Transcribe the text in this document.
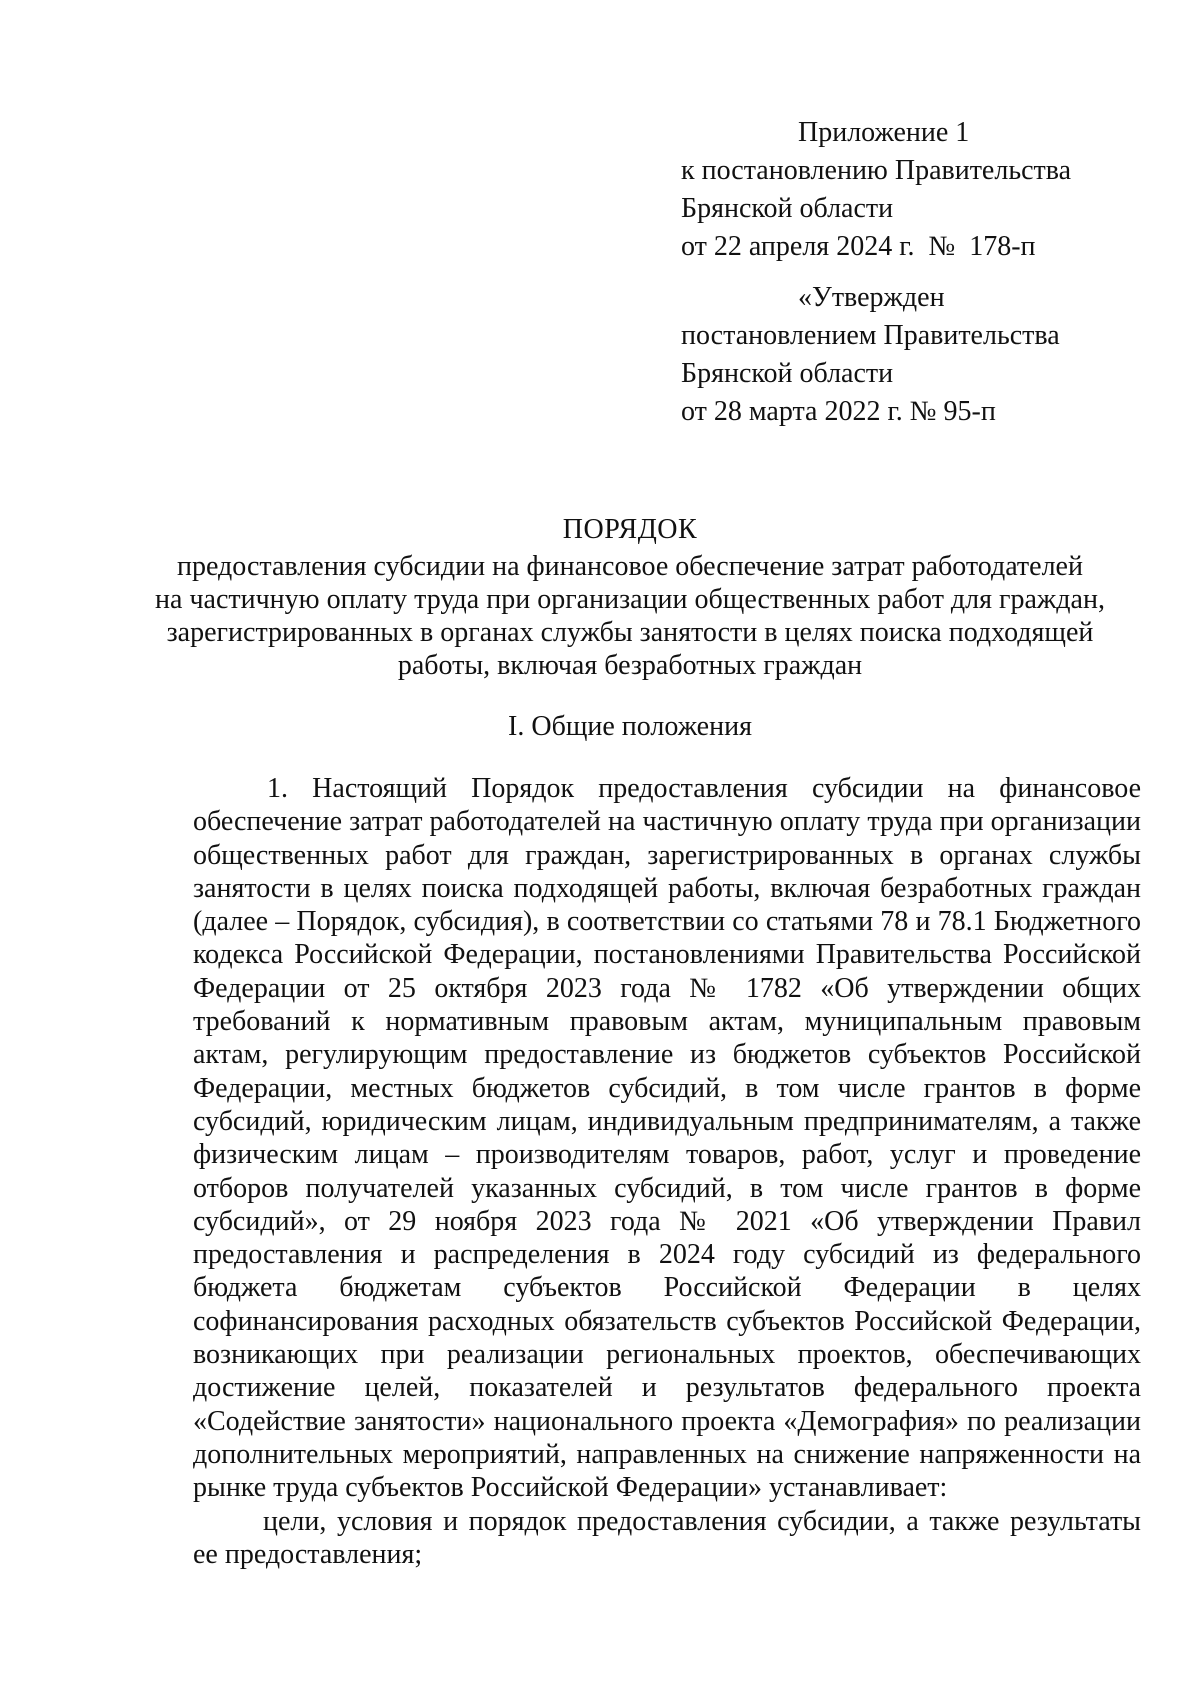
Приложение 1
к постановлению Правительства
Брянской области
от 22 апреля 2024 г.  №  178-п
«Утвержден
постановлением Правительства
Брянской области
от 28 марта 2022 г. № 95-п
ПОРЯДОК
предоставления субсидии на финансовое обеспечение затрат работодателей
на частичную оплату труда при организации общественных работ для граждан,
зарегистрированных в органах службы занятости в целях поиска подходящей
работы, включая безработных граждан
I. Общие положения

1. Настоящий Порядок предоставления субсидии на финансовое обеспечение затрат работодателей на частичную оплату труда при организации общественных работ для граждан, зарегистрированных в органах службы занятости в целях поиска подходящей работы, включая безработных граждан (далее – Порядок, субсидия), в соответствии со статьями 78 и 78.1 Бюджетного кодекса Российской Федерации, постановлениями Правительства Российской Федерации от 25 октября 2023 года № 1782 «Об утверждении общих требований к нормативным правовым актам, муниципальным правовым актам, регулирующим предоставление из бюджетов субъектов Российской Федерации, местных бюджетов субсидий, в том числе грантов в форме субсидий, юридическим лицам, индивидуальным предпринимателям, а также физическим лицам – производителям товаров, работ, услуг и проведение отборов получателей указанных субсидий, в том числе грантов в форме субсидий», от 29 ноября 2023 года № 2021 «Об утверждении Правил предоставления и распределения в 2024 году субсидий из федерального бюджета бюджетам субъектов Российской Федерации в целях софинансирования расходных обязательств субъектов Российской Федерации, возникающих при реализации региональных проектов, обеспечивающих достижение целей, показателей и результатов федерального проекта «Содействие занятости» национального проекта «Демография» по реализации дополнительных мероприятий, направленных на снижение напряженности на рынке труда субъектов Российской Федерации» устанавливает:

цели, условия и порядок предоставления субсидии, а также результаты ее предоставления;
